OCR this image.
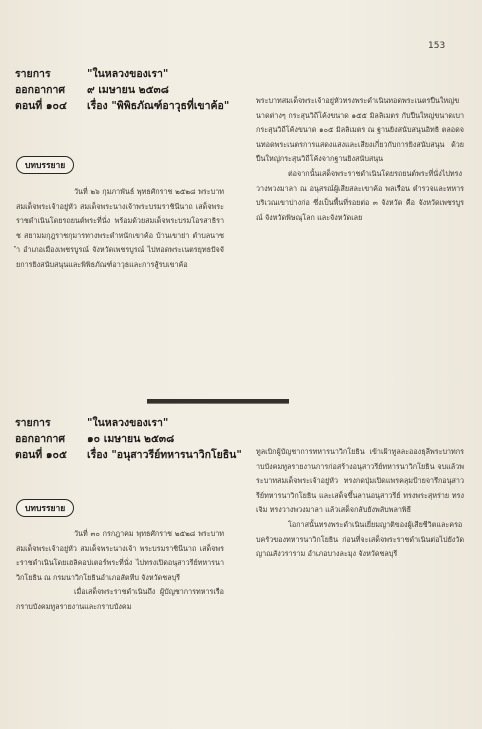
153
รายการ	"ในหลวงของเรา"
ออกอากาศ	๙ เมษายน ๒๕๓๘
ตอนที่ ๑๐๔	เรื่อง "พิพิธภัณฑ์อาวุธที่เขาค้อ"
บทบรรยาย

วันที่ ๒๖ กุมภาพันธ์ พุทธศักราช ๒๕๒๘ พระบาทสมเด็จพระเจ้าอยู่หัว สมเด็จพระนางเจ้าพระบรมราชินีนาถ เสด็จพระราชดำเนินโดยรถยนต์พระที่นั่ง พร้อมด้วยสมเด็จพระบรมโอรสาธิราช สยามมกุฎราชกุมารทางพระตำหนักเขาค้อ บ้านเขาย่า ตำบลนาซำ อำเภอเมืองเพชรบูรณ์ จังหวัดเพชรบูรณ์ ไปทอดพระเนตรยุทธปัจจัยการยิงสนับสนุนและพิพิธภัณฑ์อาวุธและการสู้รบเขาค้อ

พระบาทสมเด็จพระเจ้าอยู่หัวทรงพระดำเนินทอดพระเนตรปืนใหญ่ขนาดต่างๆ กระสุนวิถีโค้งขนาด ๑๕๕ มิลลิเมตร กับปืนใหญ่ขนาดเบา กระสุนวิถีโค้งขนาด ๑๐๕ มิลลิเมตร ณ ฐานยิงสนับสนุนอิทธิ ตลอดจนทอดพระเนตรการแสดงแสงและเสียงเกี่ยวกับการยิงสนับสนุน ด้วยปืนใหญ่กระสุนวิถีโค้งจากฐานยิงสนับสนุน

ต่อจากนั้นเสด็จพระราชดำเนินโดยรถยนต์พระที่นั่งไปทรงวางพวงมาลา ณ อนุสรณ์ผู้เสียสละเขาค้อ พลเรือน ตำรวจและทหาร บริเวณเขาปางก่อ ซึ่งเป็นพื้นที่รอยต่อ ๓ จังหวัด คือ จังหวัดเพชรบูรณ์ จังหวัดพิษณุโลก และจังหวัดเลย

รายการ	"ในหลวงของเรา"
ออกอากาศ	๑๐ เมษายน ๒๕๓๘
ตอนที่ ๑๐๕	เรื่อง "อนุสาวรีย์ทหารนาวิกโยธิน"
บทบรรยาย

วันที่ ๓๐ กรกฎาคม พุทธศักราช ๒๕๒๘ พระบาทสมเด็จพระเจ้าอยู่หัว สมเด็จพระนางเจ้า พระบรมราชินีนาถ เสด็จพระราชดำเนินโดยเฮลิคอปเตอร์พระที่นั่ง ไปทรงเปิดอนุสาวรีย์ทหารนาวิกโยธิน ณ กรมนาวิกโยธินอำเภอสัตหีบ จังหวัดชลบุรี

เมื่อเสด็จพระราชดำเนินถึง ผู้บัญชาการทหารเรือกราบบังคมทูลรายงานและกราบบังคม

ทูลเบิกผู้บัญชาการทหารนาวิกโยธิน เข้าเฝ้าทูลละอองธุลีพระบาทกราบบังคมทูลรายงานการก่อสร้างอนุสาวรีย์ทหารนาวิกโยธิน จบแล้วพระบาทสมเด็จพระเจ้าอยู่หัว ทรงกดปุ่มเปิดแพรคลุมป้ายจารึกอนุสาวรีย์ทหารนาวิกโยธิน และเสด็จขึ้นลานอนุสาวรีย์ ทรงพระสุหร่าย ทรงเจิม ทรงวางพวงมาลา แล้วเสด็จกลับยังพลับพลาพิธี

โอกาสนั้นทรงพระดำเนินเยี่ยมญาติของผู้เสียชีวิตและครอบครัวของทหารนาวิกโยธิน ก่อนที่จะเสด็จพระราชดำเนินต่อไปยังวัดญาณสังวราราม อำเภอบางละมุง จังหวัดชลบุรี
